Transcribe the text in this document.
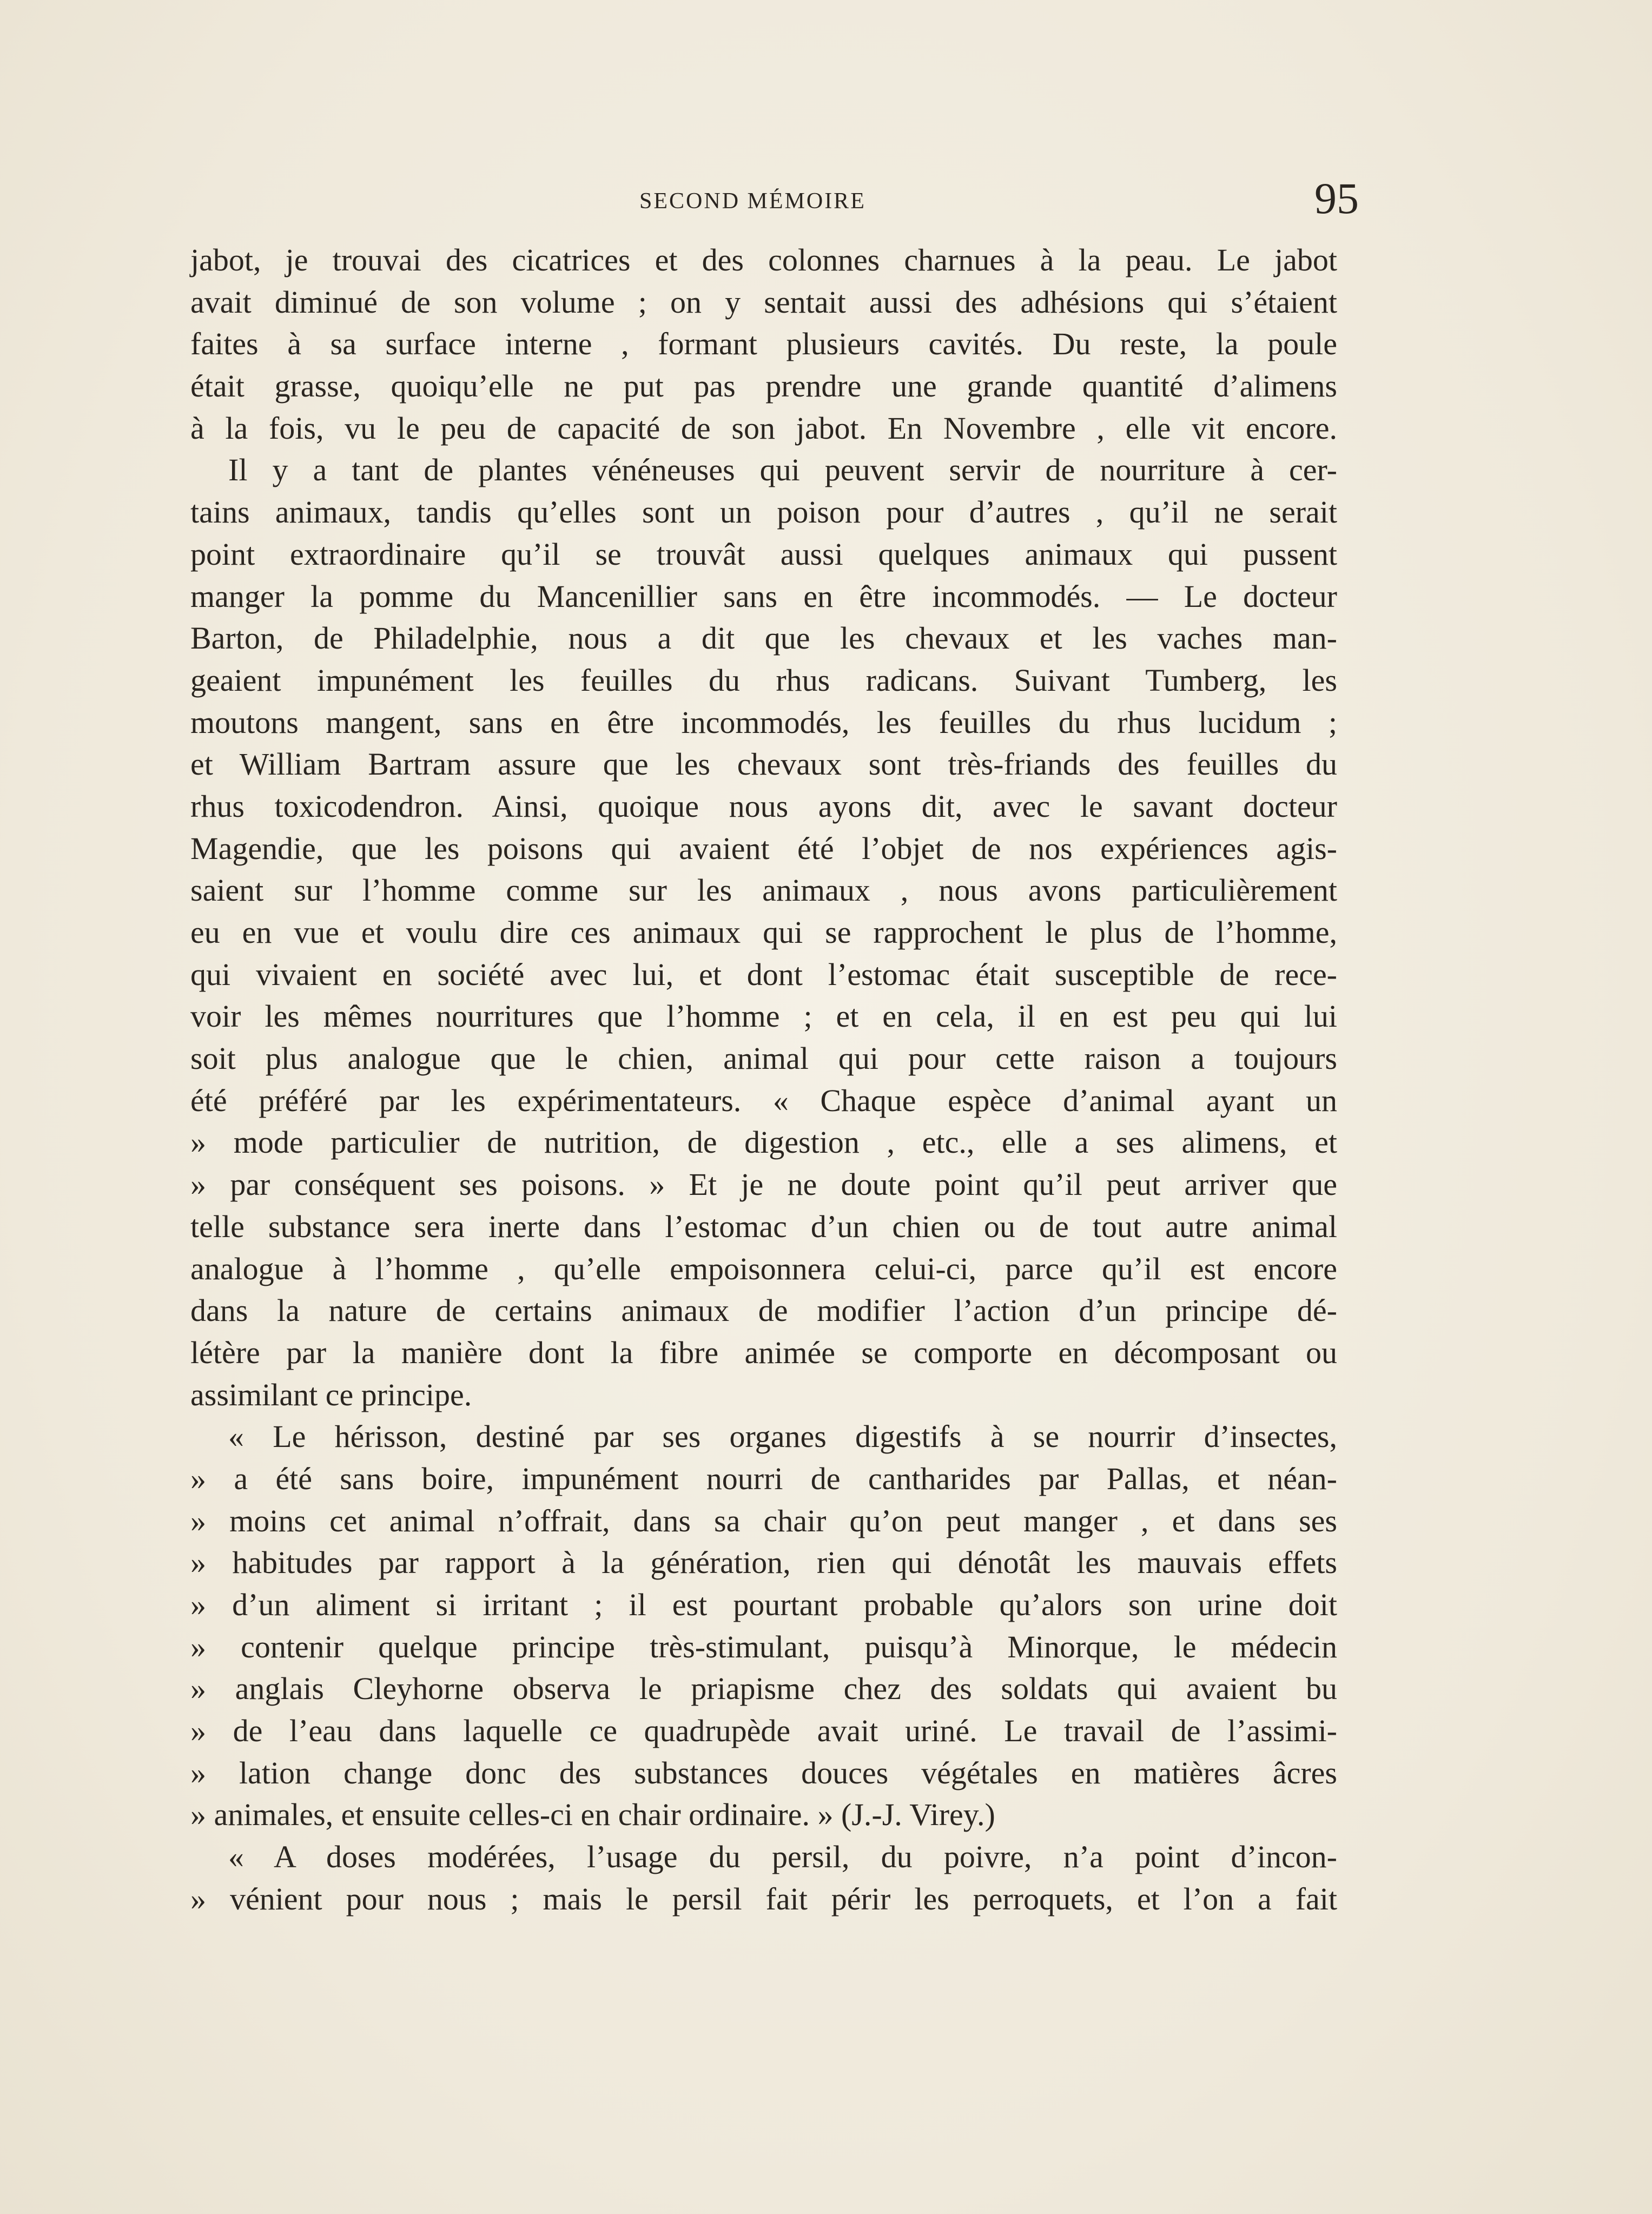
SECOND MÉMOIRE	95
jabot, je trouvai des cicatrices et des colonnes charnues à la peau. Le jabot
avait diminué de son volume ; on y sentait aussi des adhésions qui s’étaient
faites à sa surface interne , formant plusieurs cavités. Du reste, la poule
était grasse, quoiqu’elle ne put pas prendre une grande quantité d’alimens
à la fois, vu le peu de capacité de son jabot. En Novembre , elle vit encore.
Il y a tant de plantes vénéneuses qui peuvent servir de nourriture à cer-
tains animaux, tandis qu’elles sont un poison pour d’autres , qu’il ne serait
point extraordinaire qu’il se trouvât aussi quelques animaux qui pussent
manger la pomme du Mancenillier sans en être incommodés. — Le docteur
Barton, de Philadelphie, nous a dit que les chevaux et les vaches man-
geaient impunément les feuilles du rhus radicans. Suivant Tumberg, les
moutons mangent, sans en être incommodés, les feuilles du rhus lucidum ;
et William Bartram assure que les chevaux sont très-friands des feuilles du
rhus toxicodendron. Ainsi, quoique nous ayons dit, avec le savant docteur
Magendie, que les poisons qui avaient été l’objet de nos expériences agis-
saient sur l’homme comme sur les animaux , nous avons particulièrement
eu en vue et voulu dire ces animaux qui se rapprochent le plus de l’homme,
qui vivaient en société avec lui, et dont l’estomac était susceptible de rece-
voir les mêmes nourritures que l’homme ; et en cela, il en est peu qui lui
soit plus analogue que le chien, animal qui pour cette raison a toujours
été préféré par les expérimentateurs. « Chaque espèce d’animal ayant un
» mode particulier de nutrition, de digestion , etc., elle a ses alimens, et
» par conséquent ses poisons. » Et je ne doute point qu’il peut arriver que
telle substance sera inerte dans l’estomac d’un chien ou de tout autre animal
analogue à l’homme , qu’elle empoisonnera celui-ci, parce qu’il est encore
dans la nature de certains animaux de modifier l’action d’un principe dé-
létère par la manière dont la fibre animée se comporte en décomposant ou
assimilant ce principe.
« Le hérisson, destiné par ses organes digestifs à se nourrir d’insectes,
» a été sans boire, impunément nourri de cantharides par Pallas, et néan-
» moins cet animal n’offrait, dans sa chair qu’on peut manger , et dans ses
» habitudes par rapport à la génération, rien qui dénotât les mauvais effets
» d’un aliment si irritant ; il est pourtant probable qu’alors son urine doit
» contenir quelque principe très-stimulant, puisqu’à Minorque, le médecin
» anglais Cleyhorne observa le priapisme chez des soldats qui avaient bu
» de l’eau dans laquelle ce quadrupède avait uriné. Le travail de l’assimi-
» lation change donc des substances douces végétales en matières âcres
» animales, et ensuite celles-ci en chair ordinaire. » (J.-J. Virey.)
« A doses modérées, l’usage du persil, du poivre, n’a point d’incon-
» vénient pour nous ; mais le persil fait périr les perroquets, et l’on a fait
